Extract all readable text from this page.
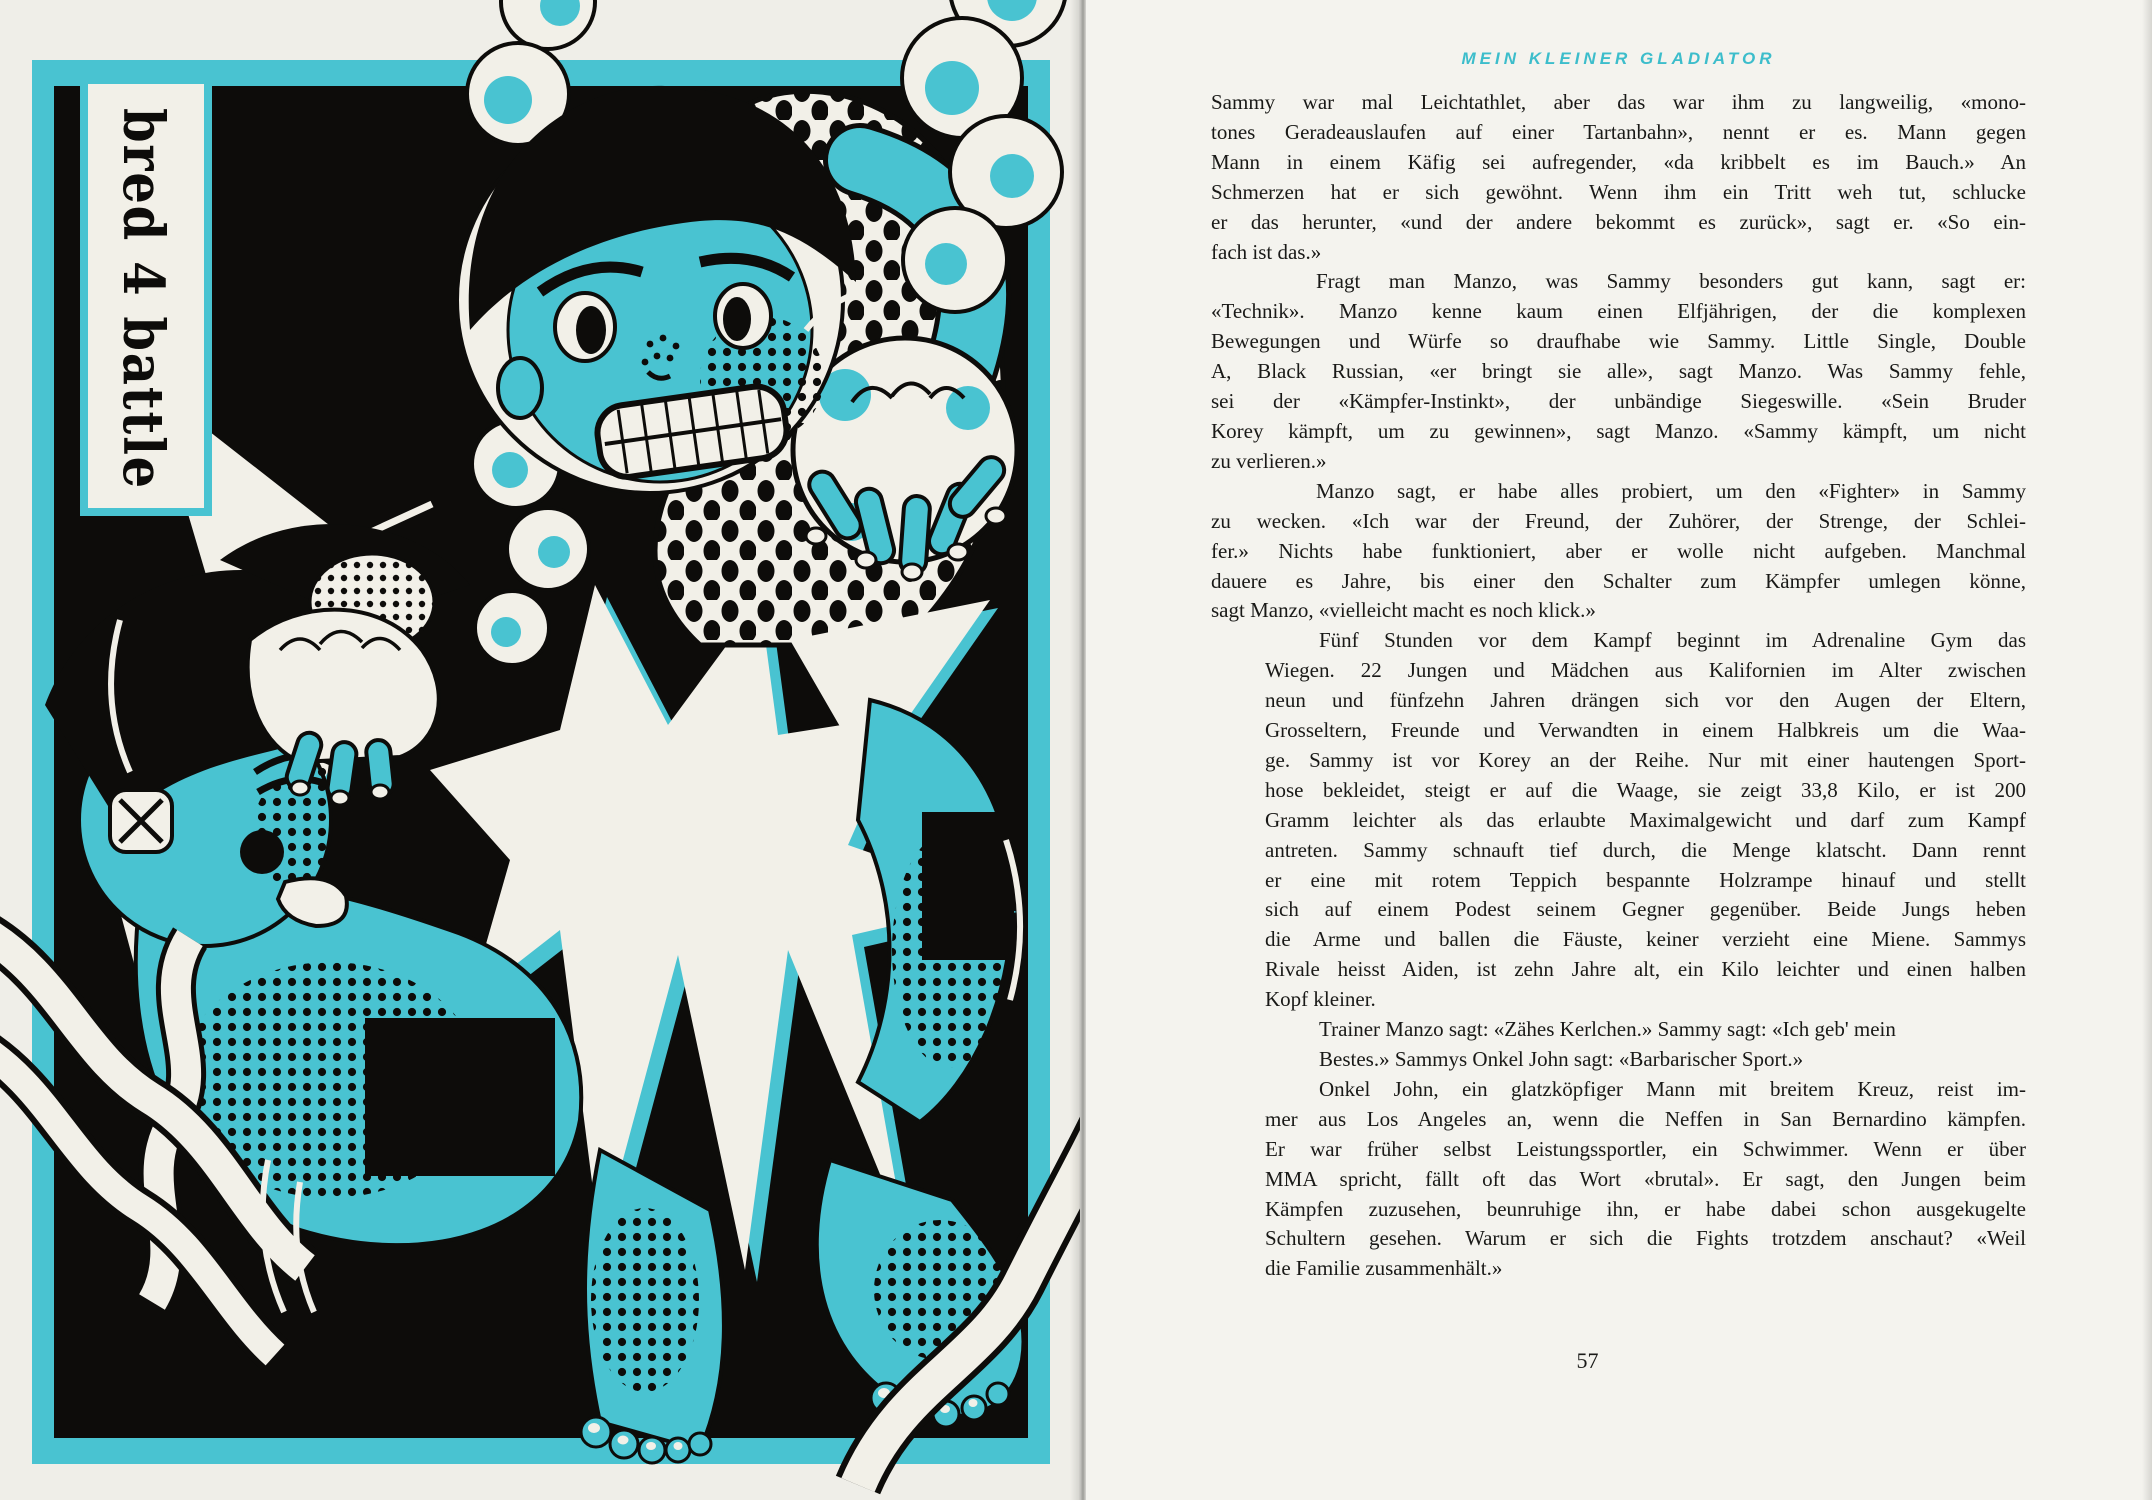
bred 4 battle
MEIN KLEINER GLADIATOR
Sammy war mal Leichtathlet, aber das war ihm zu langweilig, «mono-
tones Geradeauslaufen auf einer Tartanbahn», nennt er es. Mann gegen
Mann in einem Käfig sei aufregender, «da kribbelt es im Bauch.» An
Schmerzen hat er sich gewöhnt. Wenn ihm ein Tritt weh tut, schlucke
er das herunter, «und der andere bekommt es zurück», sagt er. «So ein-
fach ist das.»
Fragt man Manzo, was Sammy besonders gut kann, sagt er:
«Technik». Manzo kenne kaum einen Elfjährigen, der die komplexen
Bewegungen und Würfe so draufhabe wie Sammy. Little Single, Double
A, Black Russian, «er bringt sie alle», sagt Manzo. Was Sammy fehle,
sei der «Kämpfer-Instinkt», der unbändige Siegeswille. «Sein Bruder
Korey kämpft, um zu gewinnen», sagt Manzo. «Sammy kämpft, um nicht
zu verlieren.»
Manzo sagt, er habe alles probiert, um den «Fighter» in Sammy
zu wecken. «Ich war der Freund, der Zuhörer, der Strenge, der Schlei-
fer.» Nichts habe funktioniert, aber er wolle nicht aufgeben. Manchmal
dauere es Jahre, bis einer den Schalter zum Kämpfer umlegen könne,
sagt Manzo, «vielleicht macht es noch klick.»
Fünf Stunden vor dem Kampf beginnt im Adrenaline Gym das
Wiegen. 22 Jungen und Mädchen aus Kalifornien im Alter zwischen
neun und fünfzehn Jahren drängen sich vor den Augen der Eltern,
Grosseltern, Freunde und Verwandten in einem Halbkreis um die Waa-
ge. Sammy ist vor Korey an der Reihe. Nur mit einer hautengen Sport-
hose bekleidet, steigt er auf die Waage, sie zeigt 33,8 Kilo, er ist 200
Gramm leichter als das erlaubte Maximalgewicht und darf zum Kampf
antreten. Sammy schnauft tief durch, die Menge klatscht. Dann rennt
er eine mit rotem Teppich bespannte Holzrampe hinauf und stellt
sich auf einem Podest seinem Gegner gegenüber. Beide Jungs heben
die Arme und ballen die Fäuste, keiner verzieht eine Miene. Sammys
Rivale heisst Aiden, ist zehn Jahre alt, ein Kilo leichter und einen halben
Kopf kleiner.
Trainer Manzo sagt: «Zähes Kerlchen.» Sammy sagt: «Ich geb' mein
Bestes.» Sammys Onkel John sagt: «Barbarischer Sport.»
Onkel John, ein glatzköpfiger Mann mit breitem Kreuz, reist im-
mer aus Los Angeles an, wenn die Neffen in San Bernardino kämpfen.
Er war früher selbst Leistungssportler, ein Schwimmer. Wenn er über
MMA spricht, fällt oft das Wort «brutal». Er sagt, den Jungen beim
Kämpfen zuzusehen, beunruhige ihn, er habe dabei schon ausgekugelte
Schultern gesehen. Warum er sich die Fights trotzdem anschaut? «Weil
die Familie zusammenhält.»
57
